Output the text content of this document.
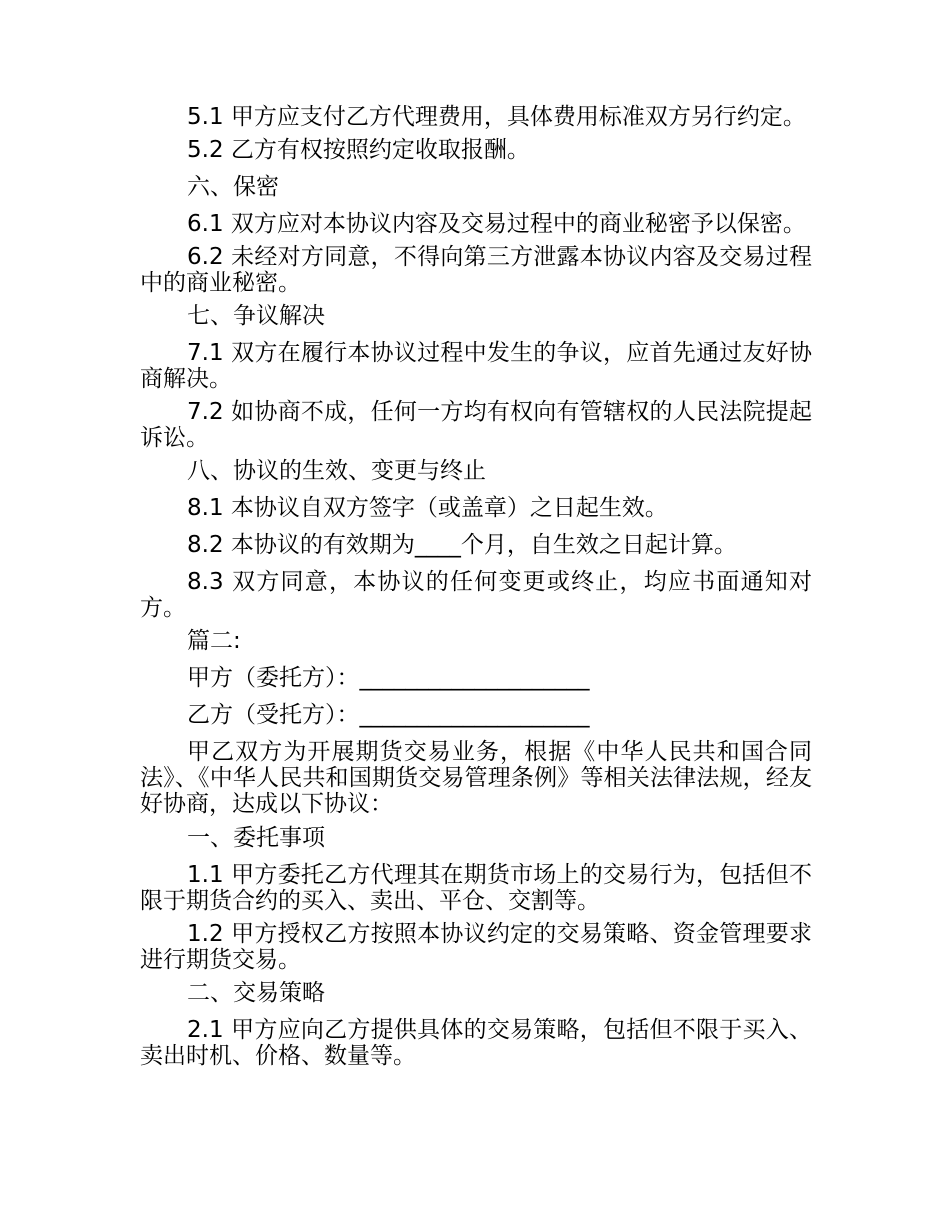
5.1 甲方应支付乙方代理费用，具体费用标准双方另行约定。

5.2 乙方有权按照约定收取报酬。

六、保密

6.1 双方应对本协议内容及交易过程中的商业秘密予以保密。

6.2 未经对方同意，不得向第三方泄露本协议内容及交易过程中的商业秘密。

七、争议解决

7.1 双方在履行本协议过程中发生的争议，应首先通过友好协商解决。

7.2 如协商不成，任何一方均有权向有管辖权的人民法院提起诉讼。

八、协议的生效、变更与终止

8.1 本协议自双方签字（或盖章）之日起生效。

8.2 本协议的有效期为____个月，自生效之日起计算。

8.3 双方同意，本协议的任何变更或终止，均应书面通知对方。

篇二:

甲方（委托方）：____________________

乙方（受托方）：____________________

甲乙双方为开展期货交易业务，根据《中华人民共和国合同法》、《中华人民共和国期货交易管理条例》等相关法律法规，经友好协商，达成以下协议：

一、委托事项

1.1 甲方委托乙方代理其在期货市场上的交易行为，包括但不限于期货合约的买入、卖出、平仓、交割等。

1.2 甲方授权乙方按照本协议约定的交易策略、资金管理要求进行期货交易。

二、交易策略

2.1 甲方应向乙方提供具体的交易策略，包括但不限于买入、卖出时机、价格、数量等。
